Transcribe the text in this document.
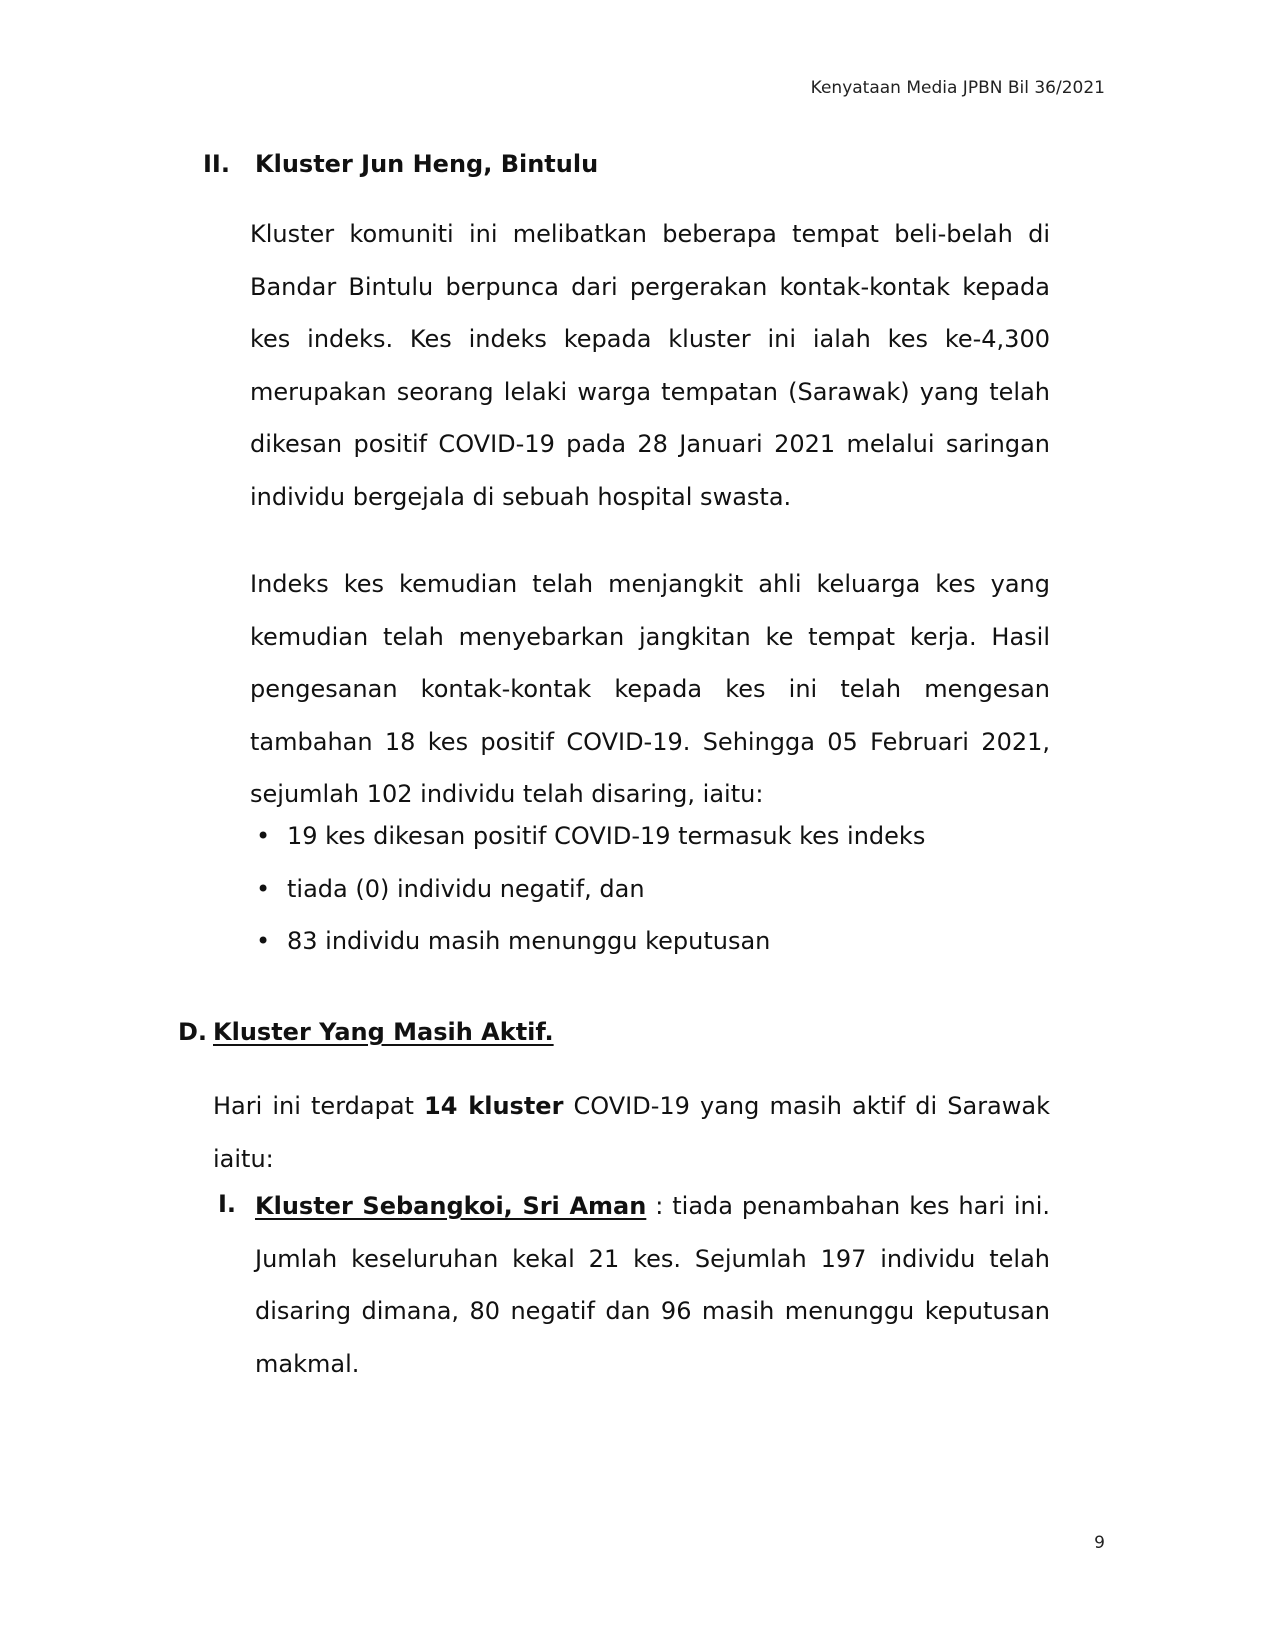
Kenyataan Media JPBN Bil 36/2021
II. Kluster Jun Heng, Bintulu
Kluster komuniti ini melibatkan beberapa tempat beli-belah di
Bandar Bintulu berpunca dari pergerakan kontak-kontak kepada
kes indeks. Kes indeks kepada kluster ini ialah kes ke-4,300
merupakan seorang lelaki warga tempatan (Sarawak) yang telah
dikesan positif COVID-19 pada 28 Januari 2021 melalui saringan
individu bergejala di sebuah hospital swasta.
Indeks kes kemudian telah menjangkit ahli keluarga kes yang
kemudian telah menyebarkan jangkitan ke tempat kerja. Hasil
pengesanan kontak-kontak kepada kes ini telah mengesan
tambahan 18 kes positif COVID-19. Sehingga 05 Februari 2021,
sejumlah 102 individu telah disaring, iaitu:
• 19 kes dikesan positif COVID-19 termasuk kes indeks
• tiada (0) individu negatif, dan
• 83 individu masih menunggu keputusan
D. Kluster Yang Masih Aktif.
Hari ini terdapat 14 kluster COVID-19 yang masih aktif di Sarawak
iaitu:
I. Kluster Sebangkoi, Sri Aman : tiada penambahan kes hari ini.
Jumlah keseluruhan kekal 21 kes. Sejumlah 197 individu telah
disaring dimana, 80 negatif dan 96 masih menunggu keputusan
makmal.
9
